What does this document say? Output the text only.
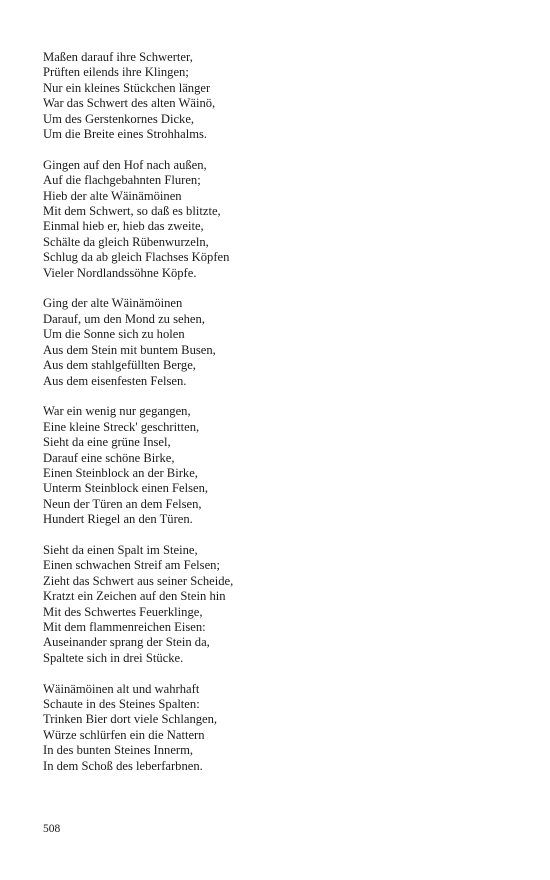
Maßen darauf ihre Schwerter,
Prüften eilends ihre Klingen;
Nur ein kleines Stückchen länger
War das Schwert des alten Wäinö,
Um des Gerstenkornes Dicke,
Um die Breite eines Strohhalms.
Gingen auf den Hof nach außen,
Auf die flachgebahnten Fluren;
Hieb der alte Wäinämöinen
Mit dem Schwert, so daß es blitzte,
Einmal hieb er, hieb das zweite,
Schälte da gleich Rübenwurzeln,
Schlug da ab gleich Flachses Köpfen
Vieler Nordlandssöhne Köpfe.
Ging der alte Wäinämöinen
Darauf, um den Mond zu sehen,
Um die Sonne sich zu holen
Aus dem Stein mit buntem Busen,
Aus dem stahlgefüllten Berge,
Aus dem eisenfesten Felsen.
War ein wenig nur gegangen,
Eine kleine Streck' geschritten,
Sieht da eine grüne Insel,
Darauf eine schöne Birke,
Einen Steinblock an der Birke,
Unterm Steinblock einen Felsen,
Neun der Türen an dem Felsen,
Hundert Riegel an den Türen.
Sieht da einen Spalt im Steine,
Einen schwachen Streif am Felsen;
Zieht das Schwert aus seiner Scheide,
Kratzt ein Zeichen auf den Stein hin
Mit des Schwertes Feuerklinge,
Mit dem flammenreichen Eisen:
Auseinander sprang der Stein da,
Spaltete sich in drei Stücke.
Wäinämöinen alt und wahrhaft
Schaute in des Steines Spalten:
Trinken Bier dort viele Schlangen,
Würze schlürfen ein die Nattern
In des bunten Steines Innerm,
In dem Schoß des leberfarbnen.
508
